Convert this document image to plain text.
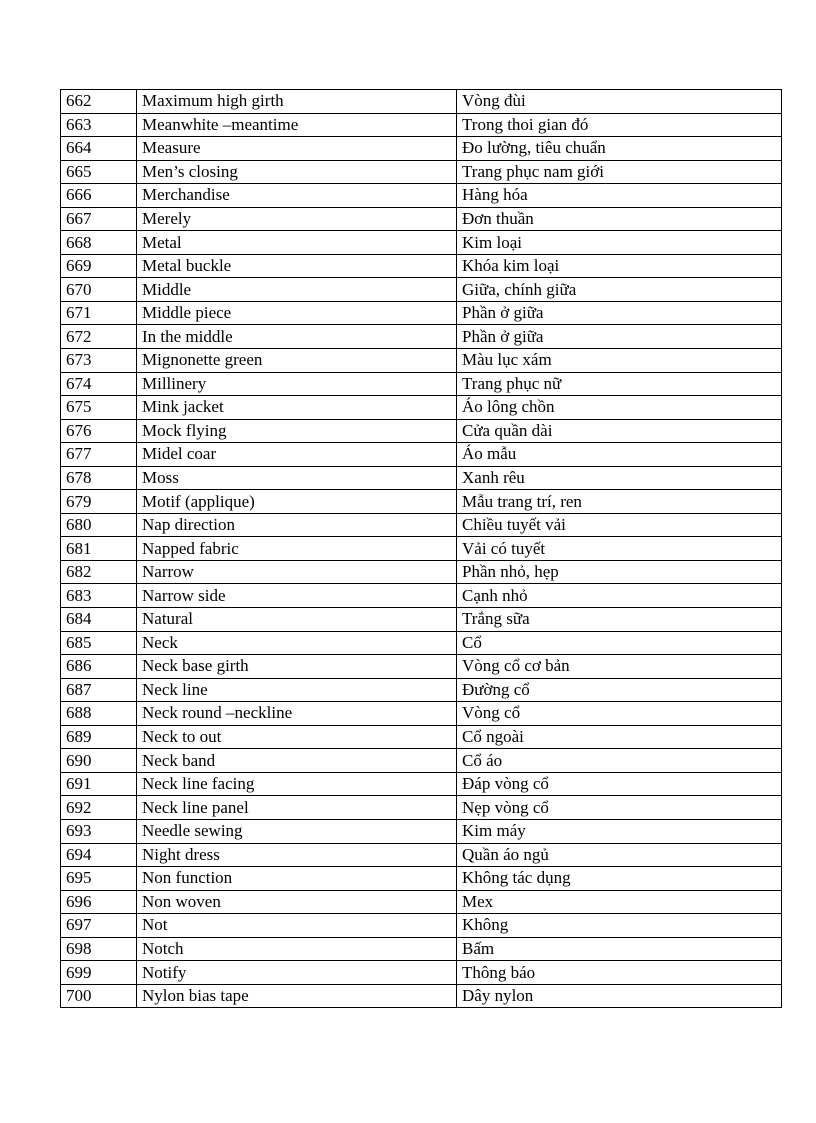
662	Maximum high girth	Vòng đùi
663	Meanwhite –meantime	Trong thoi gian đó
664	Measure	Đo lường, tiêu chuẩn
665	Men’s closing	Trang phục nam giới
666	Merchandise	Hàng hóa
667	Merely	Đơn thuần
668	Metal	Kim loại
669	Metal buckle	Khóa kim loại
670	Middle	Giữa, chính giữa
671	Middle piece	Phần ở giữa
672	In the middle	Phần ở giữa
673	Mignonette green	Màu lục xám
674	Millinery	Trang phục nữ
675	Mink jacket	Áo lông chồn
676	Mock flying	Cửa quần dài
677	Midel coar	Áo mẫu
678	Moss	Xanh rêu
679	Motif (applique)	Mẫu trang trí, ren
680	Nap direction	Chiều tuyết vải
681	Napped fabric	Vải có tuyết
682	Narrow	Phần nhỏ, hẹp
683	Narrow side	Cạnh nhỏ
684	Natural	Trắng sữa
685	Neck	Cổ
686	Neck base girth	Vòng cổ cơ bản
687	Neck line	Đường cổ
688	Neck round –neckline	Vòng cổ
689	Neck to out	Cổ ngoài
690	Neck band	Cổ áo
691	Neck line facing	Đáp vòng cổ
692	Neck line panel	Nẹp vòng cổ
693	Needle sewing	Kim máy
694	Night dress	Quần áo ngủ
695	Non function	Không tác dụng
696	Non woven	Mex
697	Not	Không
698	Notch	Bấm
699	Notify	Thông báo
700	Nylon bias tape	Dây nylon
